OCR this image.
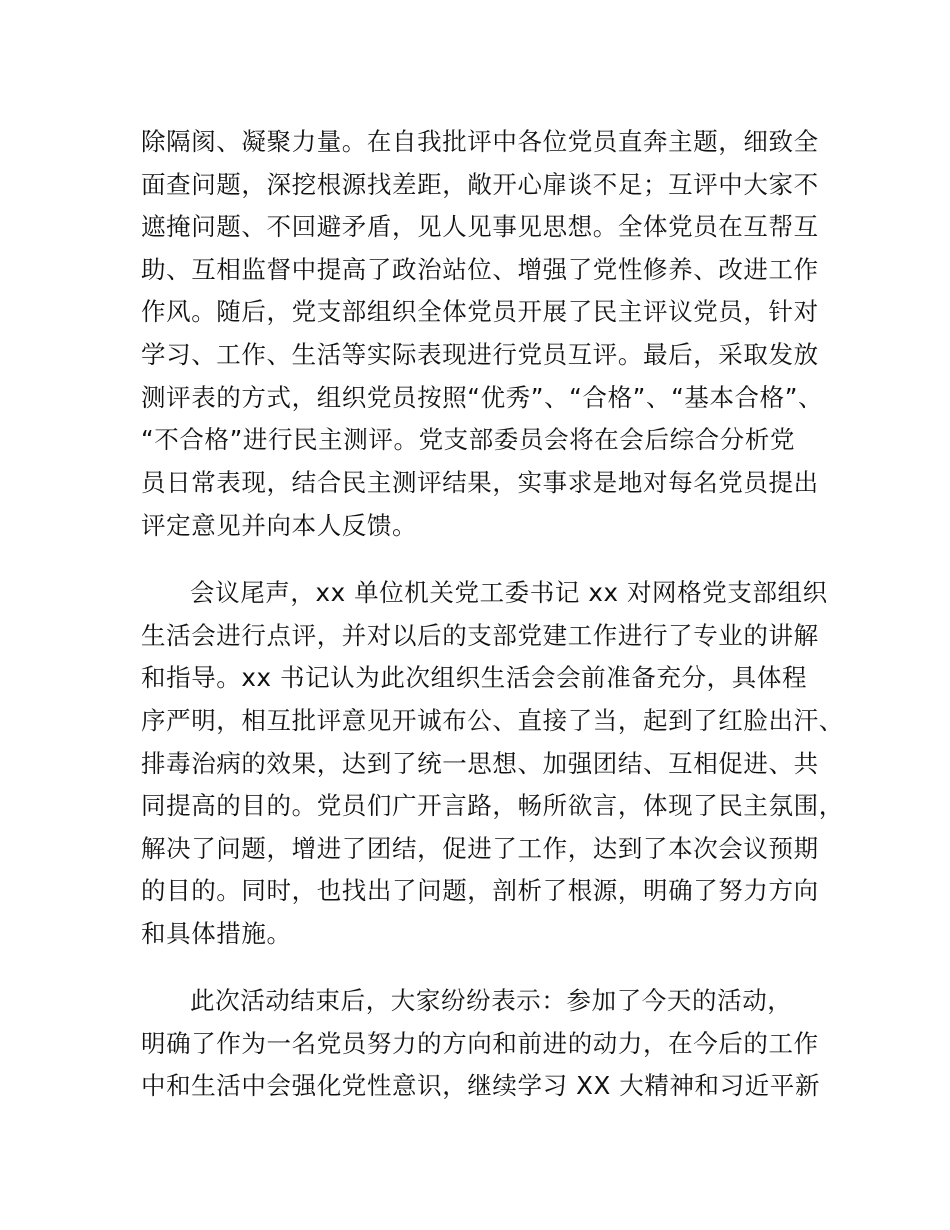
除隔阂、凝聚力量。在自我批评中各位党员直奔主题，细致全
面查问题，深挖根源找差距，敞开心扉谈不足；互评中大家不
遮掩问题、不回避矛盾，见人见事见思想。全体党员在互帮互
助、互相监督中提高了政治站位、增强了党性修养、改进工作
作风。随后，党支部组织全体党员开展了民主评议党员，针对
学习、工作、生活等实际表现进行党员互评。最后，采取发放
测评表的方式，组织党员按照“优秀”、“合格”、“基本合格”、
“不合格”进行民主测评。党支部委员会将在会后综合分析党
员日常表现，结合民主测评结果，实事求是地对每名党员提出
评定意见并向本人反馈。
会议尾声，xx 单位机关党工委书记 xx 对网格党支部组织
生活会进行点评，并对以后的支部党建工作进行了专业的讲解
和指导。xx 书记认为此次组织生活会会前准备充分，具体程
序严明，相互批评意见开诚布公、直接了当，起到了红脸出汗、
排毒治病的效果，达到了统一思想、加强团结、互相促进、共
同提高的目的。党员们广开言路，畅所欲言，体现了民主氛围，
解决了问题，增进了团结，促进了工作，达到了本次会议预期
的目的。同时，也找出了问题，剖析了根源，明确了努力方向
和具体措施。
此次活动结束后，大家纷纷表示：参加了今天的活动，
明确了作为一名党员努力的方向和前进的动力，在今后的工作
中和生活中会强化党性意识，继续学习 XX 大精神和习近平新
